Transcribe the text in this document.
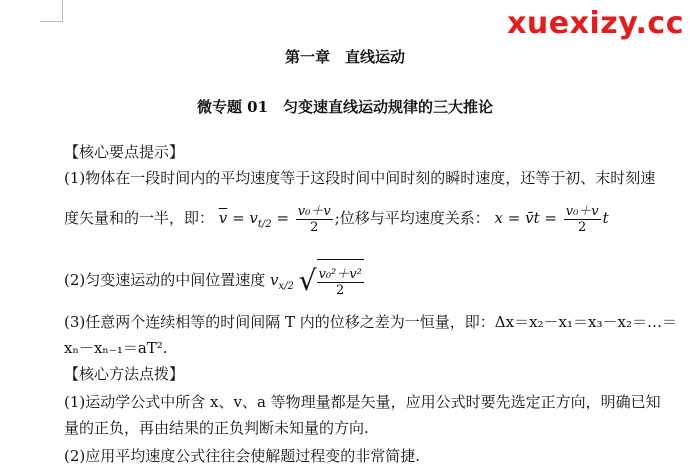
xuexizy.cc
第一章　直线运动
微专题 01　匀变速直线运动规律的三大推论
【核心要点提示】
(1)物体在一段时间内的平均速度等于这段时间中间时刻的瞬时速度，还等于初、末时刻速
度矢量和的一半，即： $\overline{v} = v_{t/2} = \frac{\text{v₀＋v}}{2}$ ;位移与平均速度关系： x = v̄t = $\frac{\text{v₀＋v}}{2}$ t
(2)匀变速运动的中间位置速度 $v_{x/2}$ √ $\frac{\text{v₀²＋v²}}{2}$
(3)任意两个连续相等的时间间隔 T 内的位移之差为一恒量，即：Δx＝x₂－x₁＝x₃－x₂＝…＝
xₙ－xₙ₋₁＝aT².
【核心方法点拨】
(1)运动学公式中所含 x、v、a 等物理量都是矢量，应用公式时要先选定正方向，明确已知
量的正负，再由结果的正负判断未知量的方向.
(2)应用平均速度公式往往会使解题过程变的非常简捷.
